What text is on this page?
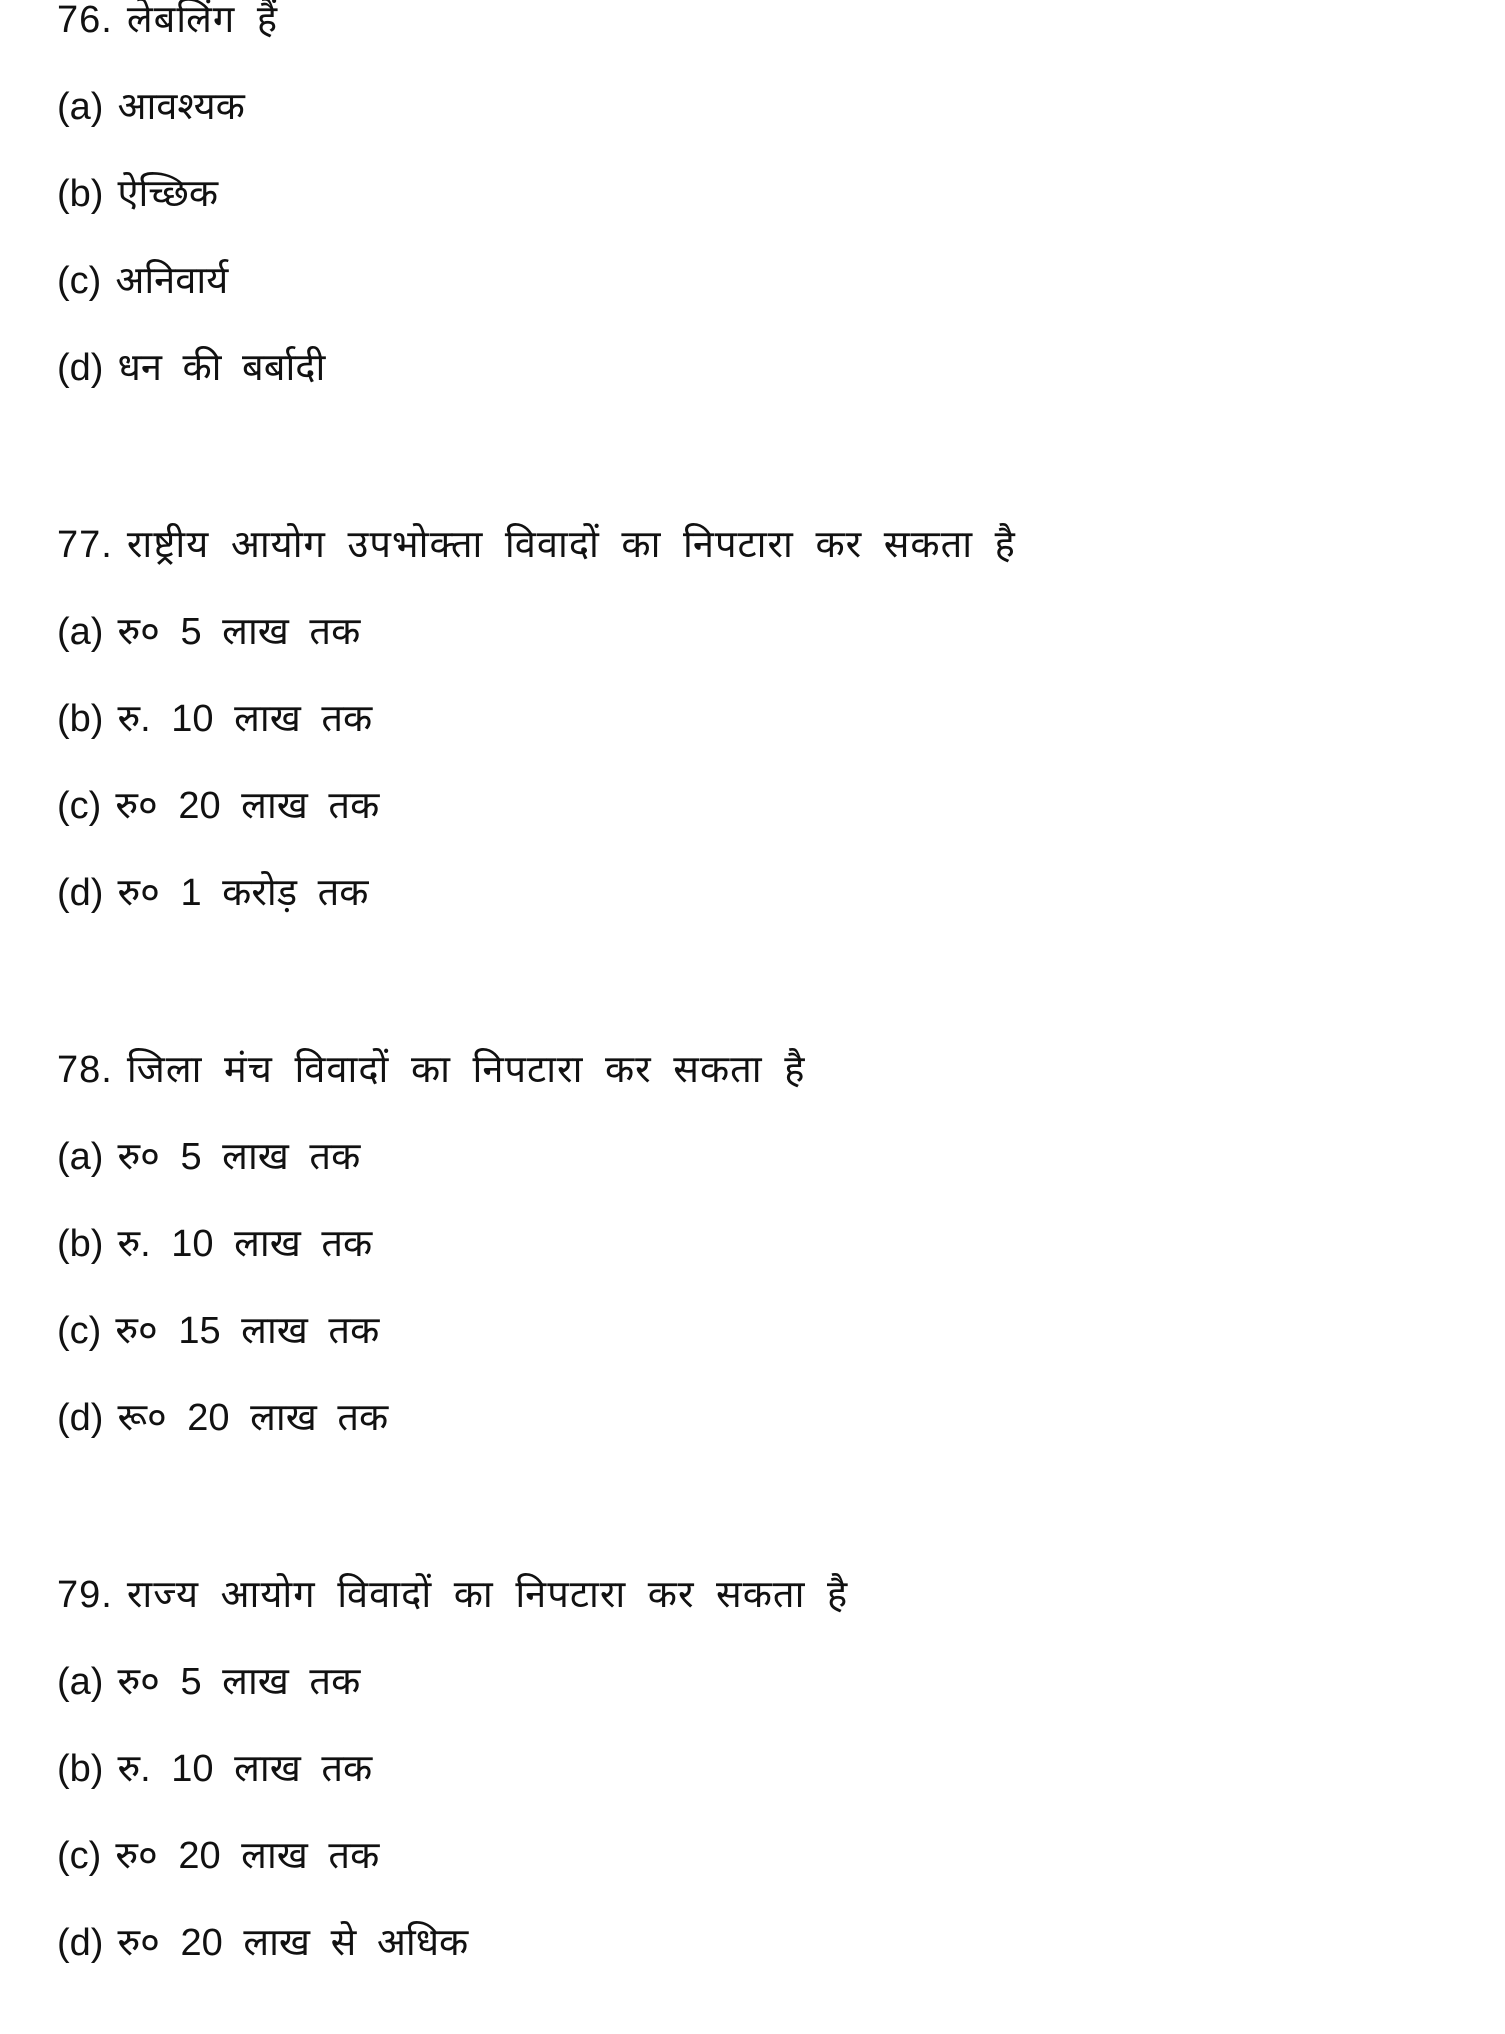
76. लेबलिंग हैं
(a) आवश्यक
(b) ऐच्छिक
(c) अनिवार्य
(d) धन की बर्बादी
77. राष्ट्रीय आयोग उपभोक्ता विवादों का निपटारा कर सकता है
(a) रु० 5 लाख तक
(b) रु. 10 लाख तक
(c) रु० 20 लाख तक
(d) रु० 1 करोड़ तक
78. जिला मंच विवादों का निपटारा कर सकता है
(a) रु० 5 लाख तक
(b) रु. 10 लाख तक
(c) रु० 15 लाख तक
(d) रू० 20 लाख तक
79. राज्य आयोग विवादों का निपटारा कर सकता है
(a) रु० 5 लाख तक
(b) रु. 10 लाख तक
(c) रु० 20 लाख तक
(d) रु० 20 लाख से अधिक
